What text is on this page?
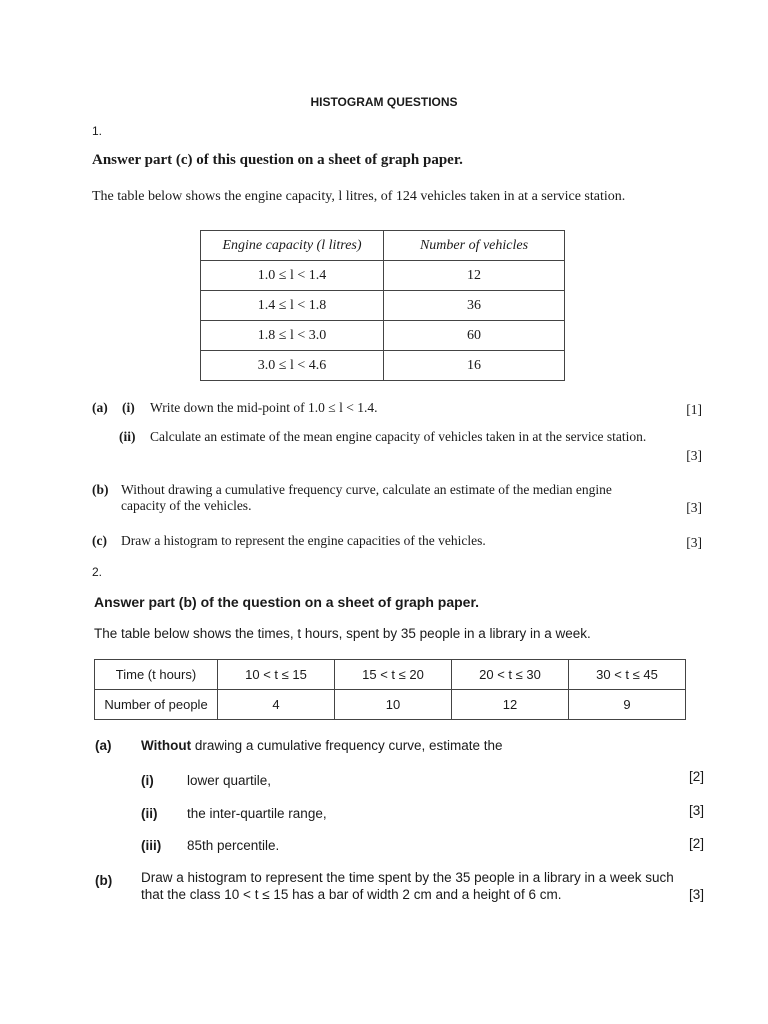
HISTOGRAM QUESTIONS
1.
Answer part (c) of this question on a sheet of graph paper.
The table below shows the engine capacity, l litres, of 124 vehicles taken in at a service station.
Engine capacity (l litres)	Number of vehicles
1.0 ≤ l < 1.4	12
1.4 ≤ l < 1.8	36
1.8 ≤ l < 3.0	60
3.0 ≤ l < 4.6	16
(a) (i) Write down the mid-point of 1.0 ≤ l < 1.4.	[1]
(ii) Calculate an estimate of the mean engine capacity of vehicles taken in at the service station.
[3]
(b) Without drawing a cumulative frequency curve, calculate an estimate of the median engine
capacity of the vehicles.	[3]
(c) Draw a histogram to represent the engine capacities of the vehicles.	[3]
2.
Answer part (b) of the question on a sheet of graph paper.
The table below shows the times, t hours, spent by 35 people in a library in a week.
Time (t hours)	10 < t ≤ 15	15 < t ≤ 20	20 < t ≤ 30	30 < t ≤ 45
Number of people	4	10	12	9
(a) Without drawing a cumulative frequency curve, estimate the
(i) lower quartile,	[2]
(ii) the inter-quartile range,	[3]
(iii) 85th percentile.	[2]
(b) Draw a histogram to represent the time spent by the 35 people in a library in a week such
that the class 10 < t ≤ 15 has a bar of width 2 cm and a height of 6 cm.	[3]
